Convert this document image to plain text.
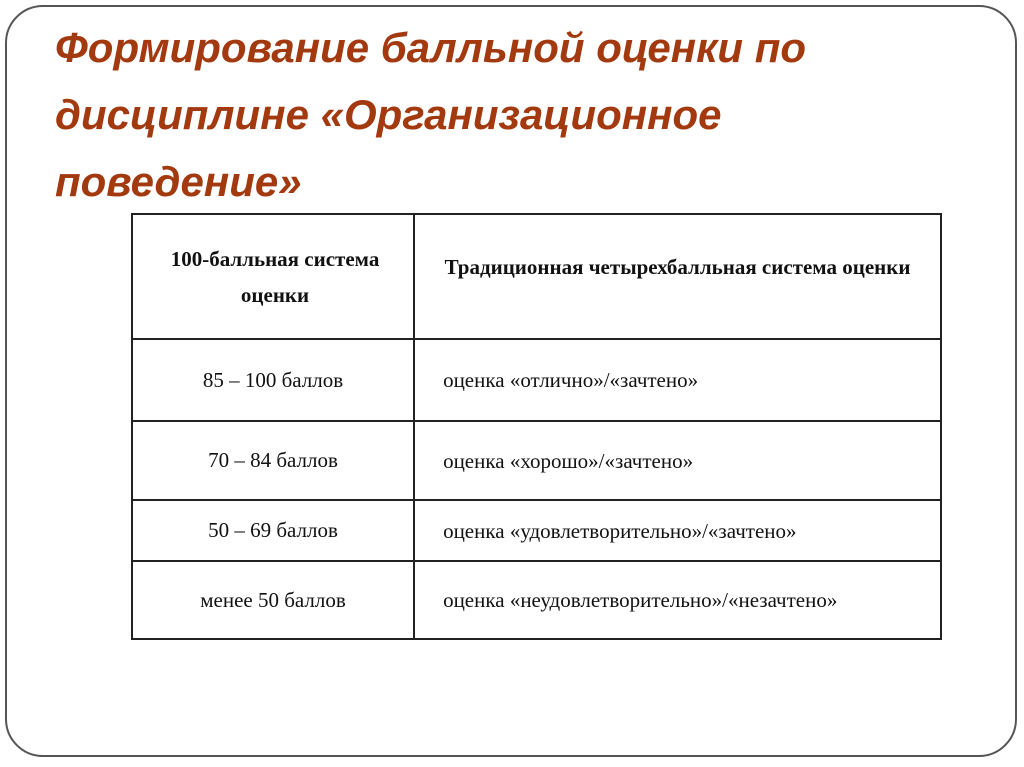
Формирование балльной оценки по дисциплине «Организационное поведение»
100-балльная система оценки	Традиционная четырехбалльная система оценки
85 – 100 баллов	оценка «отлично»/«зачтено»
70 – 84 баллов	оценка «хорошо»/«зачтено»
50 – 69 баллов	оценка «удовлетворительно»/«зачтено»
менее 50 баллов	оценка «неудовлетворительно»/«незачтено»
